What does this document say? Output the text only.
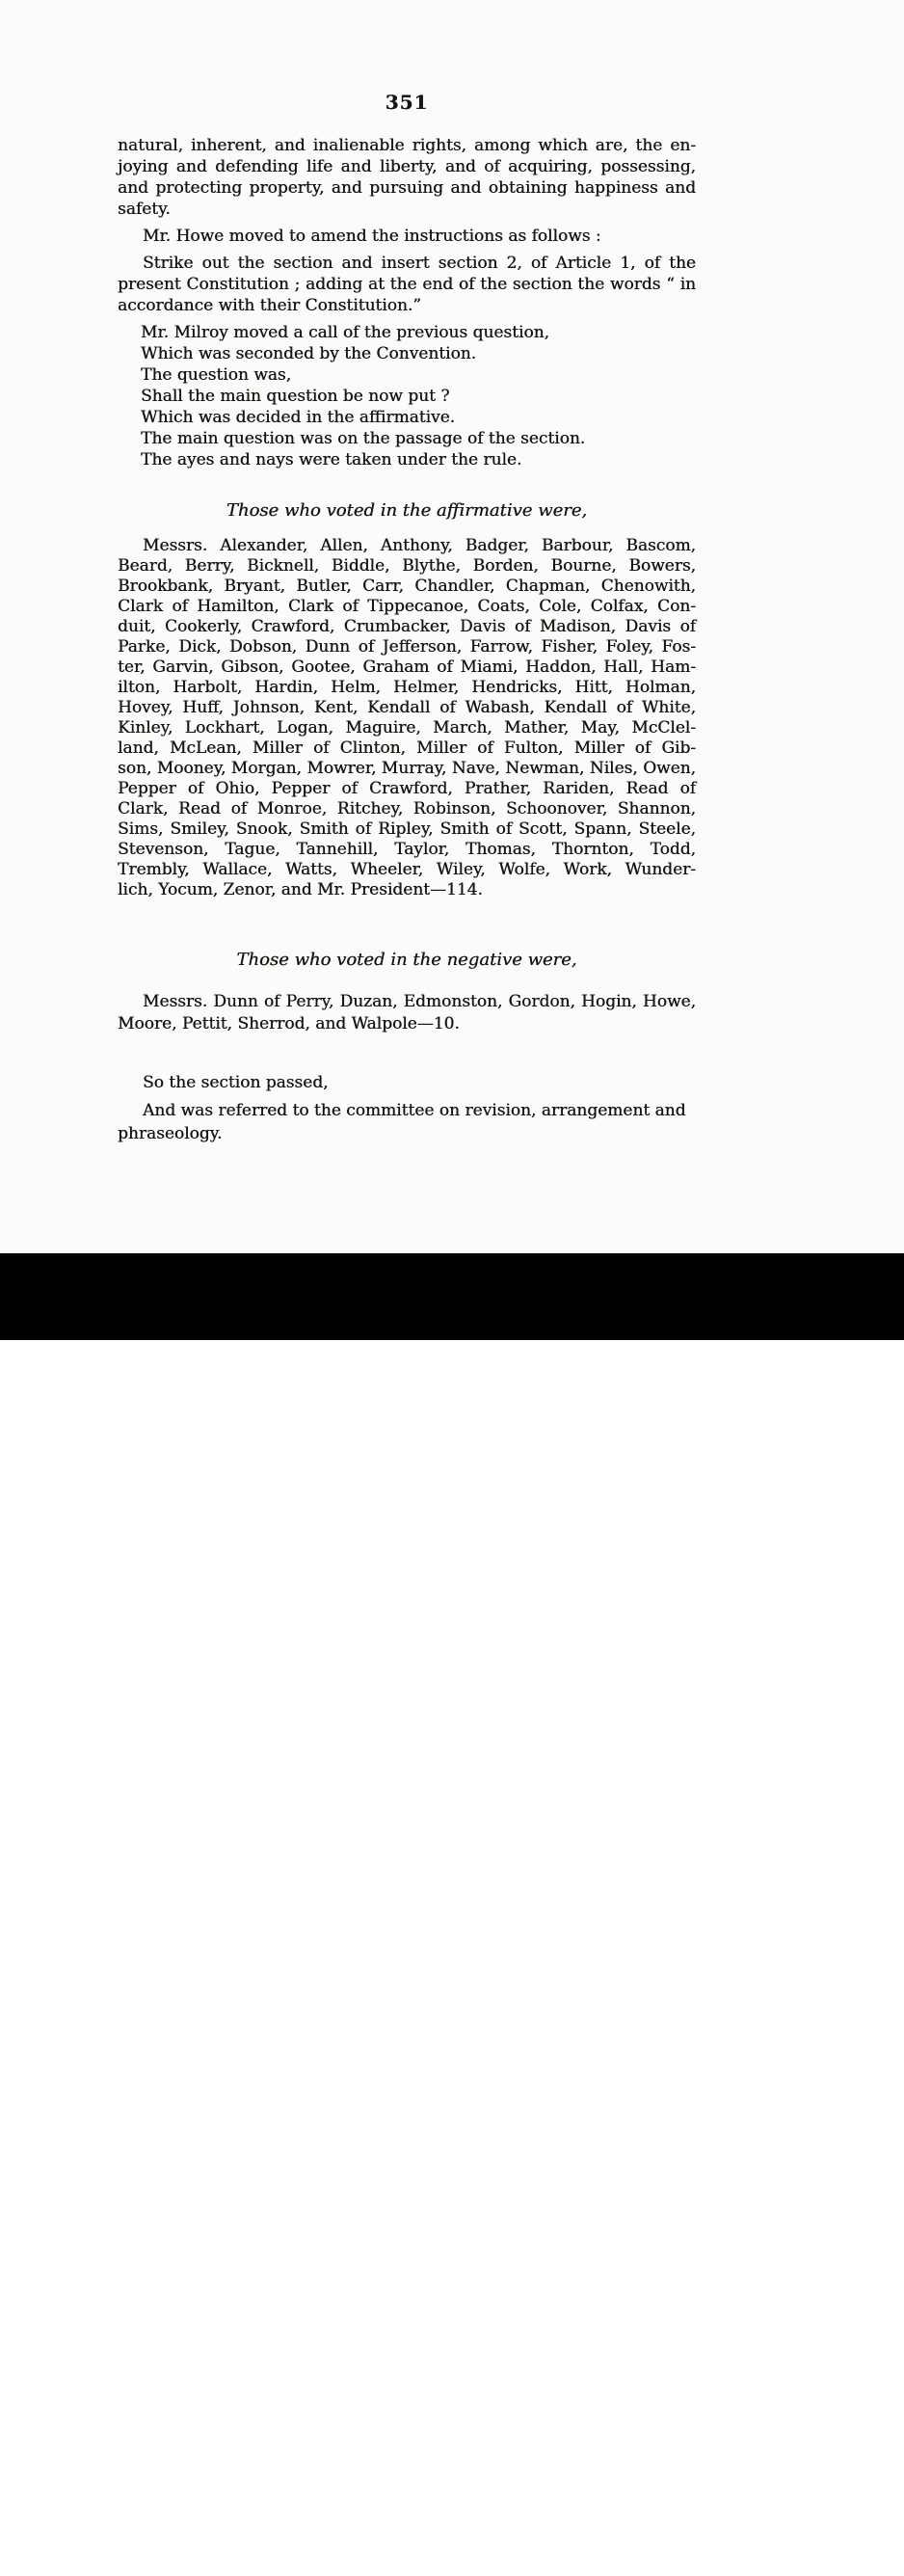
351
natural, inherent, and inalienable rights, among which are, the en-
joying and defending life and liberty, and of acquiring, possessing,
and protecting property, and pursuing and obtaining happiness and
safety.
Mr. Howe moved to amend the instructions as follows :
Strike out the section and insert section 2, of Article 1, of the
present Constitution ; adding at the end of the section the words “ in
accordance with their Constitution.”
Mr. Milroy moved a call of the previous question,
Which was seconded by the Convention.
The question was,
Shall the main question be now put ?
Which was decided in the affirmative.
The main question was on the passage of the section.
The ayes and nays were taken under the rule.
Those who voted in the affirmative were,
Messrs. Alexander, Allen, Anthony, Badger, Barbour, Bascom,
Beard, Berry, Bicknell, Biddle, Blythe, Borden, Bourne, Bowers,
Brookbank, Bryant, Butler, Carr, Chandler, Chapman, Chenowith,
Clark of Hamilton, Clark of Tippecanoe, Coats, Cole, Colfax, Con-
duit, Cookerly, Crawford, Crumbacker, Davis of Madison, Davis of
Parke, Dick, Dobson, Dunn of Jefferson, Farrow, Fisher, Foley, Fos-
ter, Garvin, Gibson, Gootee, Graham of Miami, Haddon, Hall, Ham-
ilton, Harbolt, Hardin, Helm, Helmer, Hendricks, Hitt, Holman,
Hovey, Huff, Johnson, Kent, Kendall of Wabash, Kendall of White,
Kinley, Lockhart, Logan, Maguire, March, Mather, May, McClel-
land, McLean, Miller of Clinton, Miller of Fulton, Miller of Gib-
son, Mooney, Morgan, Mowrer, Murray, Nave, Newman, Niles, Owen,
Pepper of Ohio, Pepper of Crawford, Prather, Rariden, Read of
Clark, Read of Monroe, Ritchey, Robinson, Schoonover, Shannon,
Sims, Smiley, Snook, Smith of Ripley, Smith of Scott, Spann, Steele,
Stevenson, Tague, Tannehill, Taylor, Thomas, Thornton, Todd,
Trembly, Wallace, Watts, Wheeler, Wiley, Wolfe, Work, Wunder-
lich, Yocum, Zenor, and Mr. President—114.
Those who voted in the negative were,
Messrs. Dunn of Perry, Duzan, Edmonston, Gordon, Hogin, Howe,
Moore, Pettit, Sherrod, and Walpole—10.
So the section passed,
And was referred to the committee on revision, arrangement and
phraseology.
alamy	Image ID: 3BFX5MX
www.alamy.com
